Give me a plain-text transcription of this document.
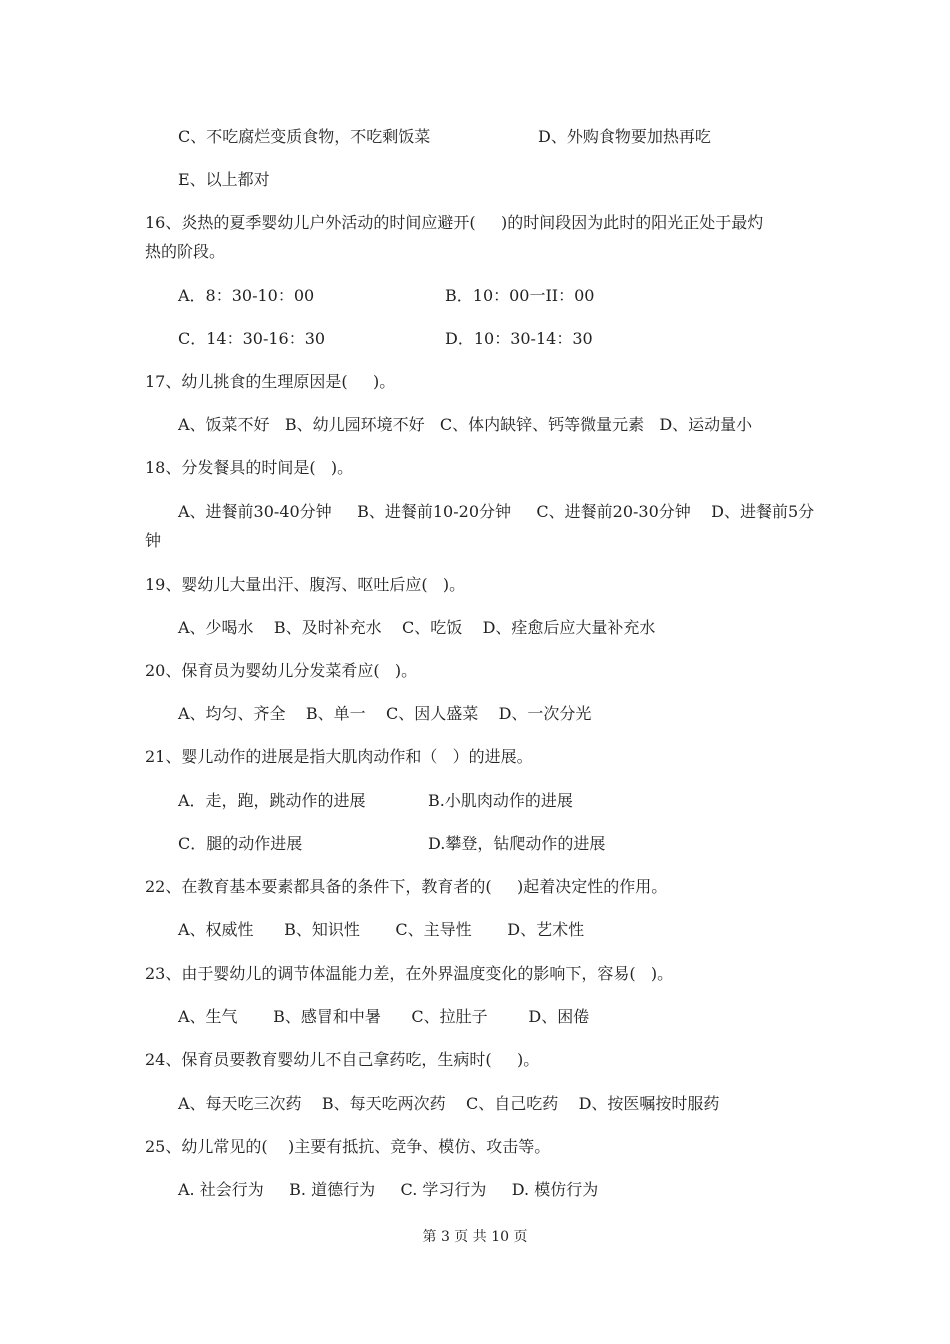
C、不吃腐烂变质食物，不吃剩饭菜	D、外购食物要加热再吃
E、以上都对
16、炎热的夏季婴幼儿户外活动的时间应避开(     )的时间段因为此时的阳光正处于最灼
热的阶段。
A．8：30-10：00	B．10：00一II：00
C．14：30-16：30	D．10：30-14：30
17、幼儿挑食的生理原因是(     )。
A、饭菜不好   B、幼儿园环境不好   C、体内缺锌、钙等微量元素   D、运动量小
18、分发餐具的时间是(   )。
A、进餐前30-40分钟     B、进餐前10-20分钟     C、进餐前20-30分钟    D、进餐前5分
钟
19、婴幼儿大量出汗、腹泻、呕吐后应(   )。
A、少喝水    B、及时补充水    C、吃饭    D、痊愈后应大量补充水
20、保育员为婴幼儿分发菜肴应(   )。
A、均匀、齐全    B、单一    C、因人盛菜    D、一次分光
21、婴儿动作的进展是指大肌肉动作和（   ）的进展。
A．走，跑，跳动作的进展	B.小肌肉动作的进展
C．腿的动作进展	D.攀登，钻爬动作的进展
22、在教育基本要素都具备的条件下，教育者的(     )起着决定性的作用。
A、权威性      B、知识性       C、主导性       D、艺术性
23、由于婴幼儿的调节体温能力差，在外界温度变化的影响下，容易(   )。
A、生气       B、感冒和中暑      C、拉肚子        D、困倦
24、保育员要教育婴幼儿不自己拿药吃，生病时(     )。
A、每天吃三次药    B、每天吃两次药    C、自己吃药    D、按医嘱按时服药
25、幼儿常见的(    )主要有抵抗、竞争、模仿、攻击等。
A. 社会行为     B. 道德行为     C. 学习行为     D. 模仿行为
第 3 页 共 10 页
